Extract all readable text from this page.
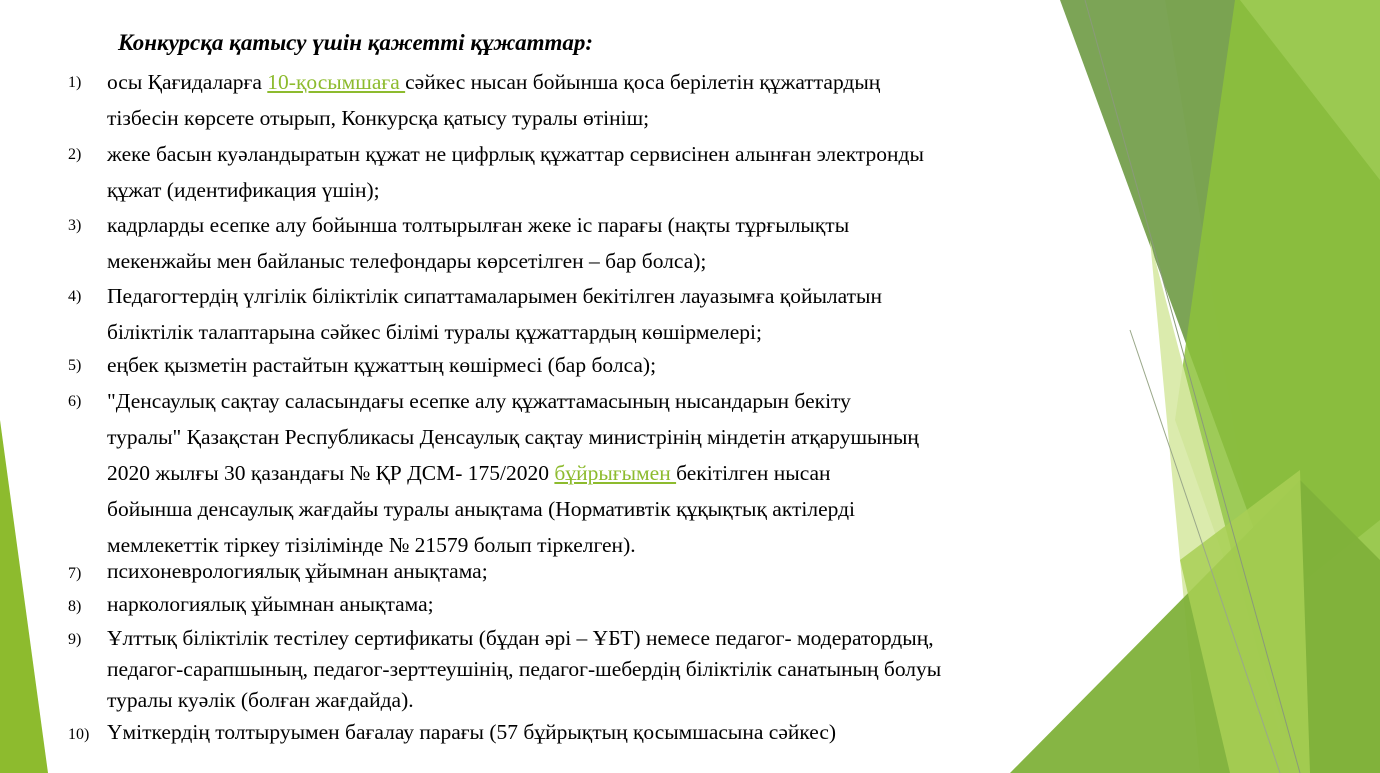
Конкурсқа қатысу үшін қажетті құжаттар:
1) осы Қағидаларға 10-қосымшаға сәйкес нысан бойынша қоса берілетін құжаттардың
тізбесін көрсете отырып, Конкурсқа қатысу туралы өтініш;
2) жеке басын куәландыратын құжат не цифрлық құжаттар сервисінен алынған электронды
құжат (идентификация үшін);
3) кадрларды есепке алу бойынша толтырылған жеке іс парағы (нақты тұрғылықты
мекенжайы мен байланыс телефондары көрсетілген – бар болса);
4) Педагогтердің үлгілік біліктілік сипаттамаларымен бекітілген лауазымға қойылатын
біліктілік талаптарына сәйкес білімі туралы құжаттардың көшірмелері;
5) еңбек қызметін растайтын құжаттың көшірмесі (бар болса);
6) "Денсаулық сақтау саласындағы есепке алу құжаттамасының нысандарын бекіту
туралы" Қазақстан Республикасы Денсаулық сақтау министрінің міндетін атқарушының
2020 жылғы 30 қазандағы № ҚР ДСМ- 175/2020 бұйрығымен бекітілген нысан
бойынша денсаулық жағдайы туралы анықтама (Нормативтік құқықтық актілерді
мемлекеттік тіркеу тізілімінде № 21579 болып тіркелген).
7) психоневрологиялық ұйымнан анықтама;
8) наркологиялық ұйымнан анықтама;
9) Ұлттық біліктілік тестілеу сертификаты (бұдан әрі – ҰБТ) немесе педагог- модератордың,
педагог-сарапшының, педагог-зерттеушінің, педагог-шебердің біліктілік санатының болуы
туралы куәлік (болған жағдайда).
10) Үміткердің толтыруымен бағалау парағы (57 бұйрықтың қосымшасына сәйкес)
